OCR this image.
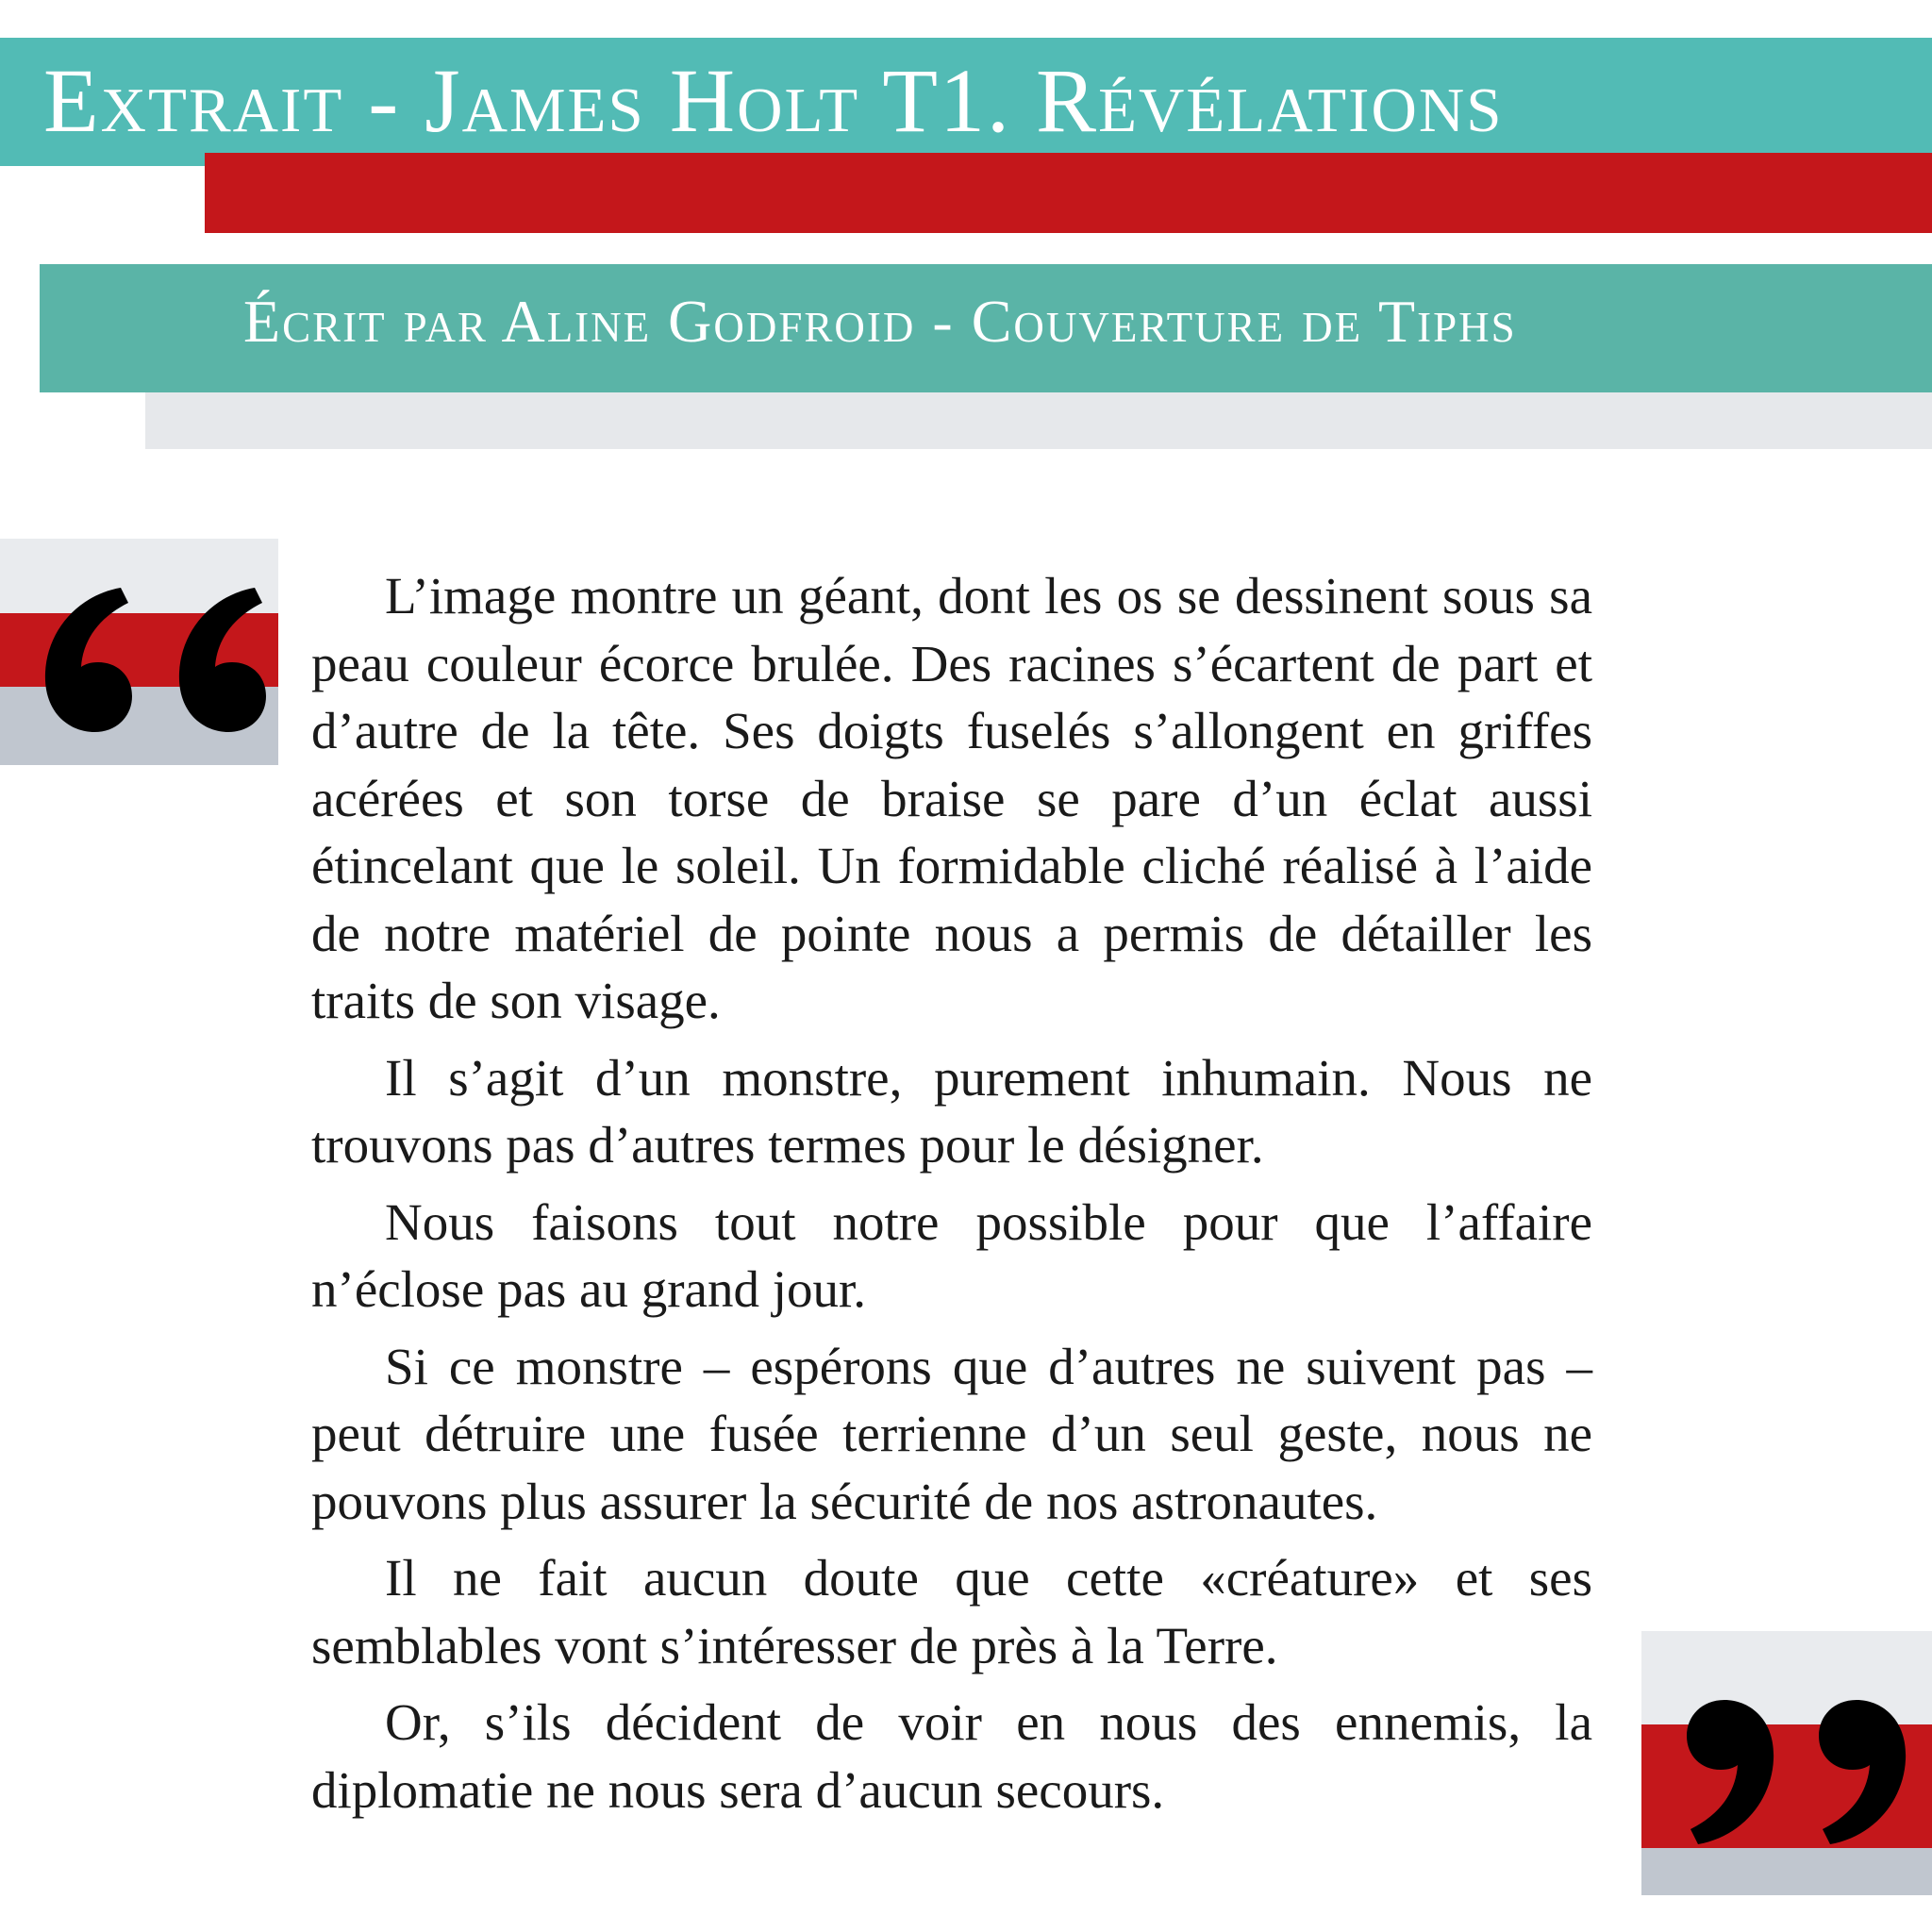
Extrait - James Holt T1. Révélations
Écrit par Aline Godfroid - Couverture de Tiphs

L’image montre un géant, dont les os se dessinent sous sa peau couleur écorce brulée. Des racines s’écartent de part et d’autre de la tête. Ses doigts fuselés s’allongent en griffes acérées et son torse de braise se pare d’un éclat aussi étincelant que le soleil. Un formidable cliché réalisé à l’aide de notre matériel de pointe nous a permis de détailler les traits de son visage.

Il s’agit d’un monstre, purement inhumain. Nous ne trouvons pas d’autres termes pour le désigner.

Nous faisons tout notre possible pour que l’affaire n’éclose pas au grand jour.

Si ce monstre – espérons que d’autres ne suivent pas – peut détruire une fusée terrienne d’un seul geste, nous ne pouvons plus assurer la sécurité de nos astronautes.

Il ne fait aucun doute que cette «créature» et ses semblables vont s’intéresser de près à la Terre.

Or, s’ils décident de voir en nous des ennemis, la diplomatie ne nous sera d’aucun secours.
